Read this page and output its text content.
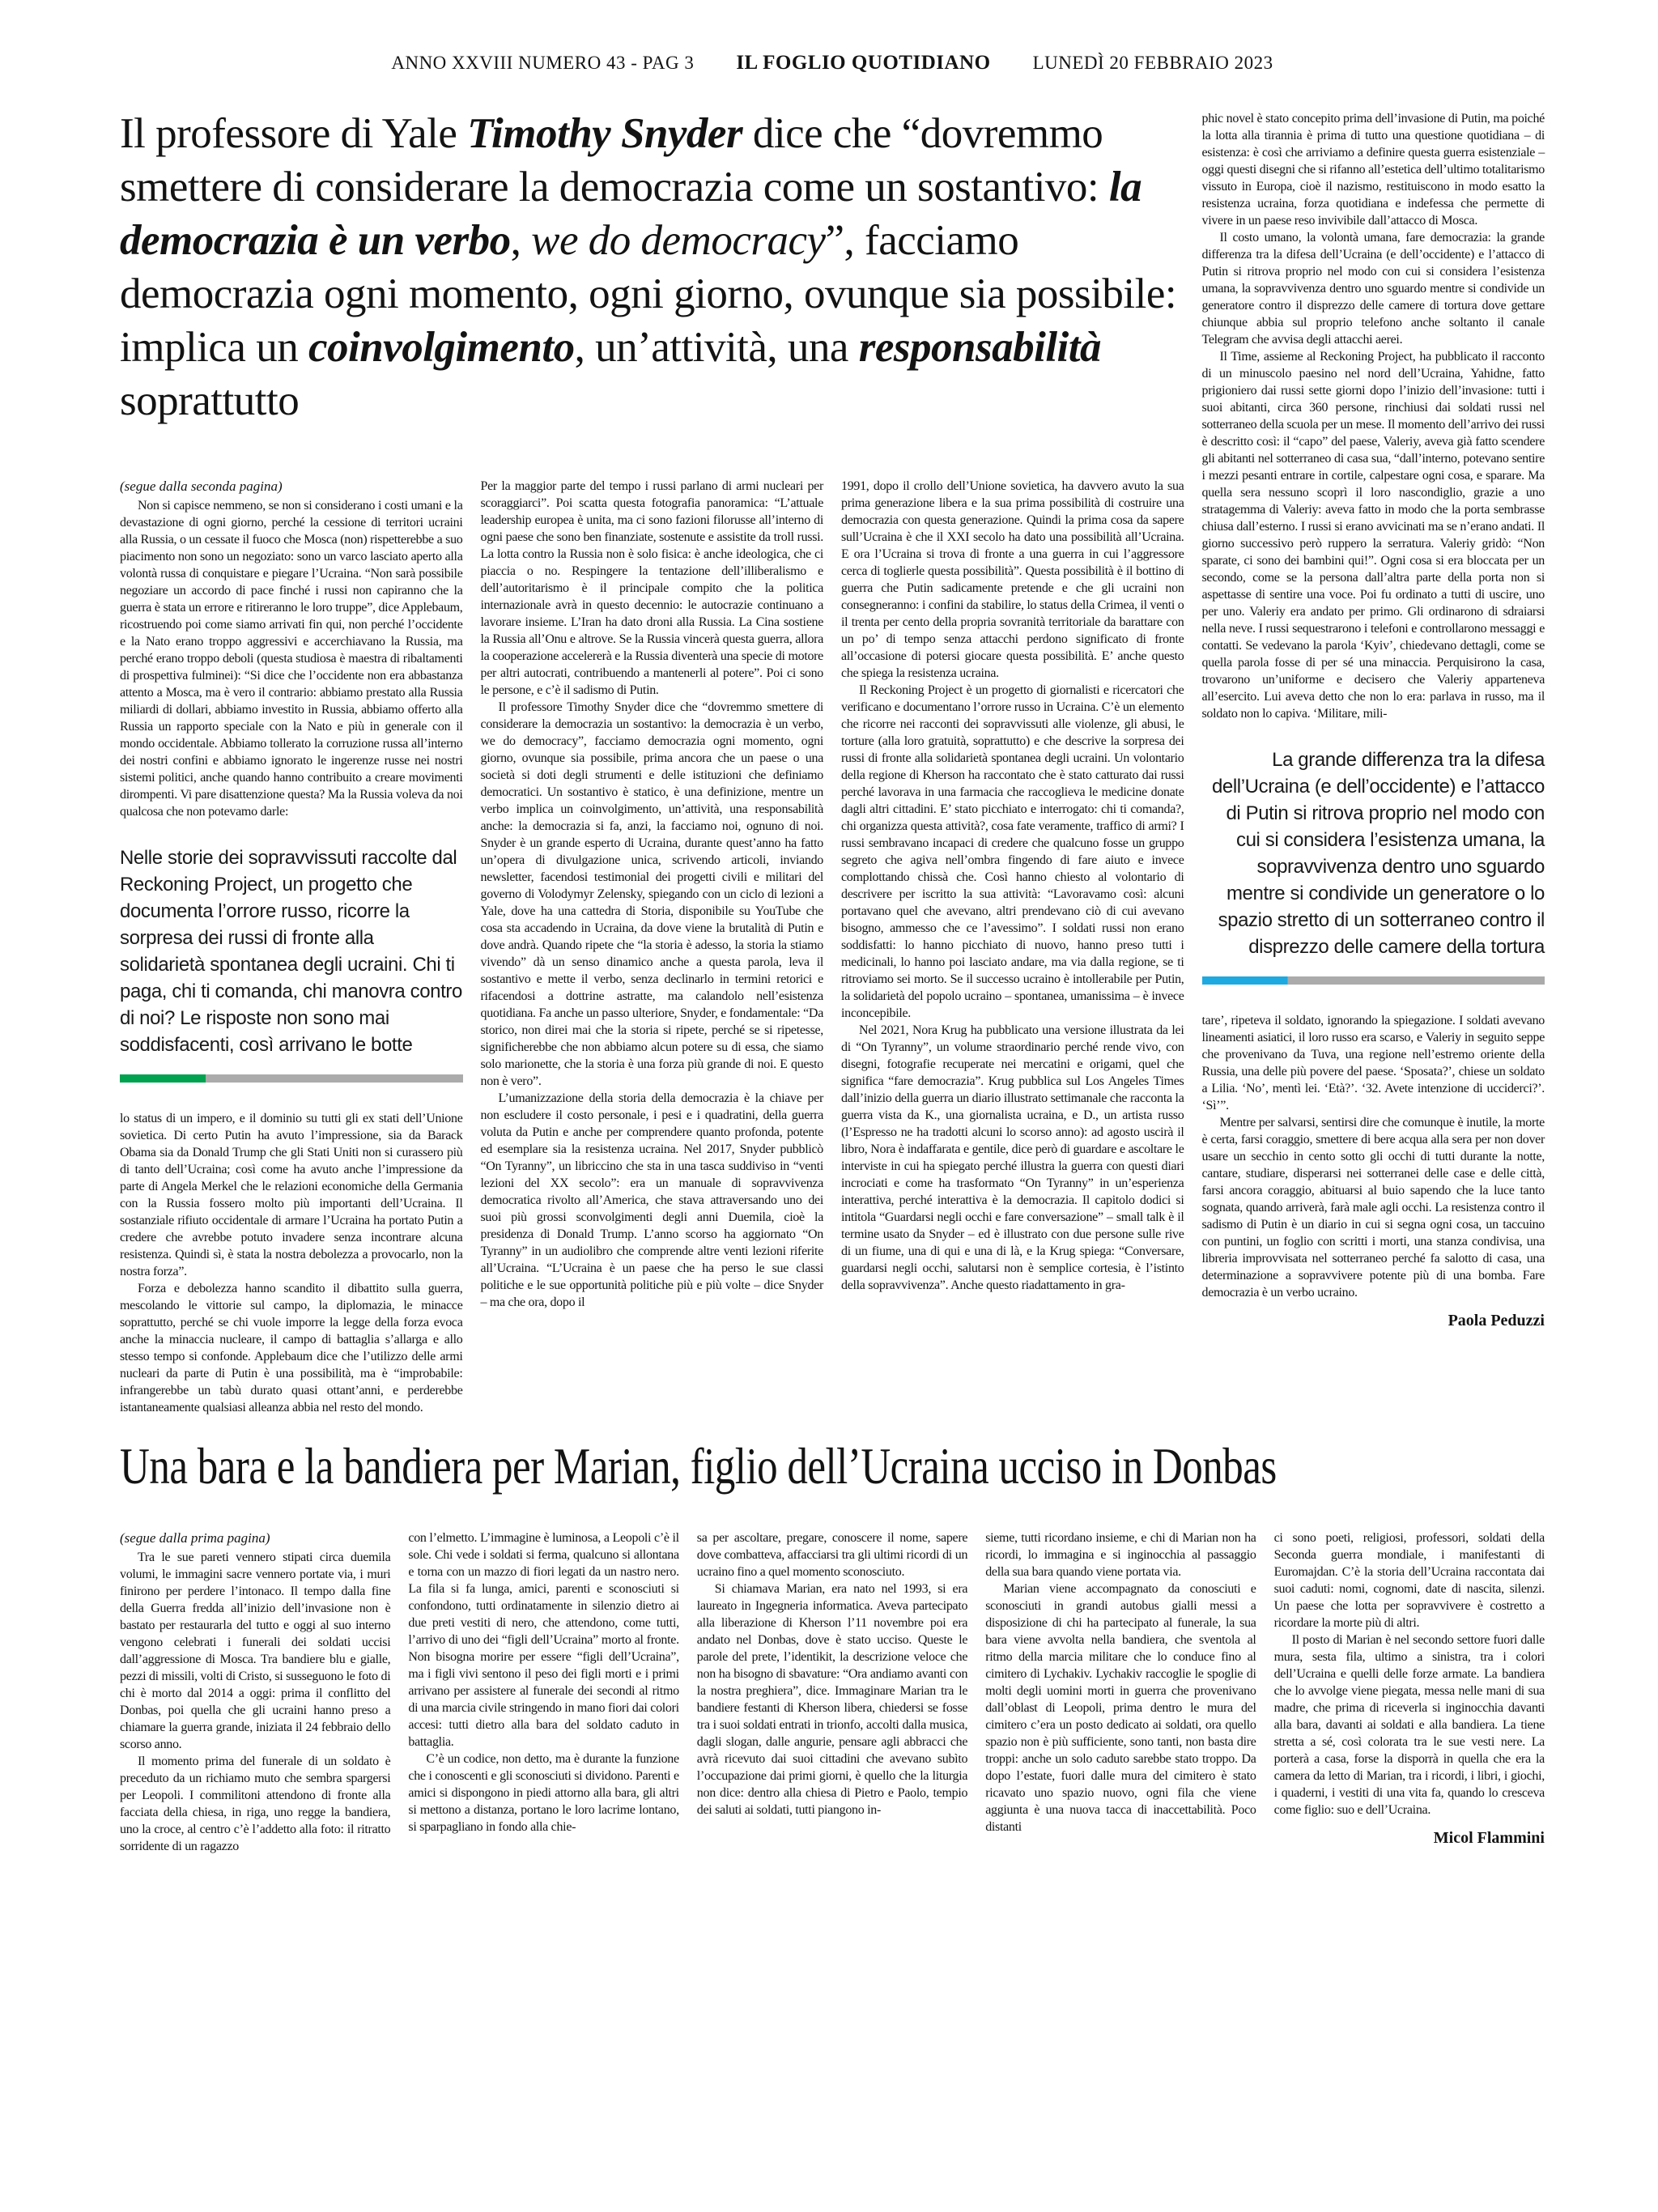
ANNO XXVIII NUMERO 43 - PAG 3 IL FOGLIO QUOTIDIANO LUNEDÌ 20 FEBBRAIO 2023
Il professore di Yale Timothy Snyder dice che “dovremmo smettere di considerare la democrazia come un sostantivo: la democrazia è un verbo, we do democracy”, facciamo democrazia ogni momento, ogni giorno, ovunque sia possibile: implica un coinvolgimento, un’attività, una responsabilità soprattutto

(segue dalla seconda pagina)

Non si capisce nemmeno, se non si considerano i costi umani e la devastazione di ogni giorno, perché la cessione di territori ucraini alla Russia, o un cessate il fuoco che Mosca (non) rispetterebbe a suo piacimento non sono un negoziato: sono un varco lasciato aperto alla volontà russa di conquistare e piegare l’Ucraina. “Non sarà possibile negoziare un accordo di pace finché i russi non capiranno che la guerra è stata un errore e ritireranno le loro truppe”, dice Applebaum, ricostruendo poi come siamo arrivati fin qui, non perché l’occidente e la Nato erano troppo aggressivi e accerchiavano la Russia, ma perché erano troppo deboli (questa studiosa è maestra di ribaltamenti di prospettiva fulminei): “Si dice che l’occidente non era abbastanza attento a Mosca, ma è vero il contrario: abbiamo prestato alla Russia miliardi di dollari, abbiamo investito in Russia, abbiamo offerto alla Russia un rapporto speciale con la Nato e più in generale con il mondo occidentale. Abbiamo tollerato la corruzione russa all’interno dei nostri confini e abbiamo ignorato le ingerenze russe nei nostri sistemi politici, anche quando hanno contribuito a creare movimenti dirompenti. Vi pare disattenzione questa? Ma la Russia voleva da noi qualcosa che non potevamo darle:

Nelle storie dei sopravvissuti raccolte dal Reckoning Project, un progetto che documenta l’orrore russo, ricorre la sorpresa dei russi di fronte alla solidarietà spontanea degli ucraini. Chi ti paga, chi ti comanda, chi manovra contro di noi? Le risposte non sono mai soddisfacenti, così arrivano le botte

lo status di un impero, e il dominio su tutti gli ex stati dell’Unione sovietica. Di certo Putin ha avuto l’impressione, sia da Barack Obama sia da Donald Trump che gli Stati Uniti non si curassero più di tanto dell’Ucraina; così come ha avuto anche l’impressione da parte di Angela Merkel che le relazioni economiche della Germania con la Russia fossero molto più importanti dell’Ucraina. Il sostanziale rifiuto occidentale di armare l’Ucraina ha portato Putin a credere che avrebbe potuto invadere senza incontrare alcuna resistenza. Quindi sì, è stata la nostra debolezza a provocarlo, non la nostra forza”.

Forza e debolezza hanno scandito il dibattito sulla guerra, mescolando le vittorie sul campo, la diplomazia, le minacce soprattutto, perché se chi vuole imporre la legge della forza evoca anche la minaccia nucleare, il campo di battaglia s’allarga e allo stesso tempo si confonde. Applebaum dice che l’utilizzo delle armi nucleari da parte di Putin è una possibilità, ma è “improbabile: infrangerebbe un tabù durato quasi ottant’anni, e perderebbe istantaneamente qualsiasi alleanza abbia nel resto del mondo.

Per la maggior parte del tempo i russi parlano di armi nucleari per scoraggiarci”. Poi scatta questa fotografia panoramica: “L’attuale leadership europea è unita, ma ci sono fazioni filorusse all’interno di ogni paese che sono ben finanziate, sostenute e assistite da troll russi. La lotta contro la Russia non è solo fisica: è anche ideologica, che ci piaccia o no. Respingere la tentazione dell’illiberalismo e dell’autoritarismo è il principale compito che la politica internazionale avrà in questo decennio: le autocrazie continuano a lavorare insieme. L’Iran ha dato droni alla Russia. La Cina sostiene la Russia all’Onu e altrove. Se la Russia vincerà questa guerra, allora la cooperazione accelererà e la Russia diventerà una specie di motore per altri autocrati, contribuendo a mantenerli al potere”. Poi ci sono le persone, e c’è il sadismo di Putin.

Il professore Timothy Snyder dice che “dovremmo smettere di considerare la democrazia un sostantivo: la democrazia è un verbo, we do democracy”, facciamo democrazia ogni momento, ogni giorno, ovunque sia possibile, prima ancora che un paese o una società si doti degli strumenti e delle istituzioni che definiamo democratici. Un sostantivo è statico, è una definizione, mentre un verbo implica un coinvolgimento, un’attività, una responsabilità anche: la democrazia si fa, anzi, la facciamo noi, ognuno di noi. Snyder è un grande esperto di Ucraina, durante quest’anno ha fatto un’opera di divulgazione unica, scrivendo articoli, inviando newsletter, facendosi testimonial dei progetti civili e militari del governo di Volodymyr Zelensky, spiegando con un ciclo di lezioni a Yale, dove ha una cattedra di Storia, disponibile su YouTube che cosa sta accadendo in Ucraina, da dove viene la brutalità di Putin e dove andrà. Quando ripete che “la storia è adesso, la storia la stiamo vivendo” dà un senso dinamico anche a questa parola, leva il sostantivo e mette il verbo, senza declinarlo in termini retorici e rifacendosi a dottrine astratte, ma calandolo nell’esistenza quotidiana. Fa anche un passo ulteriore, Snyder, e fondamentale: “Da storico, non direi mai che la storia si ripete, perché se si ripetesse, significherebbe che non abbiamo alcun potere su di essa, che siamo solo marionette, che la storia è una forza più grande di noi. E questo non è vero”.

L’umanizzazione della storia della democrazia è la chiave per non escludere il costo personale, i pesi e i quadratini, della guerra voluta da Putin e anche per comprendere quanto profonda, potente ed esemplare sia la resistenza ucraina. Nel 2017, Snyder pubblicò “On Tyranny”, un libriccino che sta in una tasca suddiviso in “venti lezioni del XX secolo”: era un manuale di sopravvivenza democratica rivolto all’America, che stava attraversando uno dei suoi più grossi sconvolgimenti degli anni Duemila, cioè la presidenza di Donald Trump. L’anno scorso ha aggiornato “On Tyranny” in un audiolibro che comprende altre venti lezioni riferite all’Ucraina. “L’Ucraina è un paese che ha perso le sue classi politiche e le sue opportunità politiche più e più volte – dice Snyder – ma che ora, dopo il

1991, dopo il crollo dell’Unione sovietica, ha davvero avuto la sua prima generazione libera e la sua prima possibilità di costruire una democrazia con questa generazione. Quindi la prima cosa da sapere sull’Ucraina è che il XXI secolo ha dato una possibilità all’Ucraina. E ora l’Ucraina si trova di fronte a una guerra in cui l’aggressore cerca di toglierle questa possibilità”. Questa possibilità è il bottino di guerra che Putin sadicamente pretende e che gli ucraini non consegneranno: i confini da stabilire, lo status della Crimea, il venti o il trenta per cento della propria sovranità territoriale da barattare con un po’ di tempo senza attacchi perdono significato di fronte all’occasione di potersi giocare questa possibilità. E’ anche questo che spiega la resistenza ucraina.

Il Reckoning Project è un progetto di giornalisti e ricercatori che verificano e documentano l’orrore russo in Ucraina. C’è un elemento che ricorre nei racconti dei sopravvissuti alle violenze, gli abusi, le torture (alla loro gratuità, soprattutto) e che descrive la sorpresa dei russi di fronte alla solidarietà spontanea degli ucraini. Un volontario della regione di Kherson ha raccontato che è stato catturato dai russi perché lavorava in una farmacia che raccoglieva le medicine donate dagli altri cittadini. E’ stato picchiato e interrogato: chi ti comanda?, chi organizza questa attività?, cosa fate veramente, traffico di armi? I russi sembravano incapaci di credere che qualcuno fosse un gruppo segreto che agiva nell’ombra fingendo di fare aiuto e invece complottando chissà che. Così hanno chiesto al volontario di descrivere per iscritto la sua attività: “Lavoravamo così: alcuni portavano quel che avevano, altri prendevano ciò di cui avevano bisogno, ammesso che ce l’avessimo”. I soldati russi non erano soddisfatti: lo hanno picchiato di nuovo, hanno preso tutti i medicinali, lo hanno poi lasciato andare, ma via dalla regione, se ti ritroviamo sei morto. Se il successo ucraino è intollerabile per Putin, la solidarietà del popolo ucraino – spontanea, umanissima – è invece inconcepibile.

Nel 2021, Nora Krug ha pubblicato una versione illustrata da lei di “On Tyranny”, un volume straordinario perché rende vivo, con disegni, fotografie recuperate nei mercatini e origami, quel che significa “fare democrazia”. Krug pubblica sul Los Angeles Times dall’inizio della guerra un diario illustrato settimanale che racconta la guerra vista da K., una giornalista ucraina, e D., un artista russo (l’Espresso ne ha tradotti alcuni lo scorso anno): ad agosto uscirà il libro, Nora è indaffarata e gentile, dice però di guardare e ascoltare le interviste in cui ha spiegato perché illustra la guerra con questi diari incrociati e come ha trasformato “On Tyranny” in un’esperienza interattiva, perché interattiva è la democrazia. Il capitolo dodici si intitola “Guardarsi negli occhi e fare conversazione” – small talk è il termine usato da Snyder – ed è illustrato con due persone sulle rive di un fiume, una di qui e una di là, e la Krug spiega: “Conversare, guardarsi negli occhi, salutarsi non è semplice cortesia, è l’istinto della sopravvivenza”. Anche questo riadattamento in gra-

phic novel è stato concepito prima dell’invasione di Putin, ma poiché la lotta alla tirannia è prima di tutto una questione quotidiana – di esistenza: è così che arriviamo a definire questa guerra esistenziale – oggi questi disegni che si rifanno all’estetica dell’ultimo totalitarismo vissuto in Europa, cioè il nazismo, restituiscono in modo esatto la resistenza ucraina, forza quotidiana e indefessa che permette di vivere in un paese reso invivibile dall’attacco di Mosca.

Il costo umano, la volontà umana, fare democrazia: la grande differenza tra la difesa dell’Ucraina (e dell’occidente) e l’attacco di Putin si ritrova proprio nel modo con cui si considera l’esistenza umana, la sopravvivenza dentro uno sguardo mentre si condivide un generatore contro il disprezzo delle camere di tortura dove gettare chiunque abbia sul proprio telefono anche soltanto il canale Telegram che avvisa degli attacchi aerei.

Il Time, assieme al Reckoning Project, ha pubblicato il racconto di un minuscolo paesino nel nord dell’Ucraina, Yahidne, fatto prigioniero dai russi sette giorni dopo l’inizio dell’invasione: tutti i suoi abitanti, circa 360 persone, rinchiusi dai soldati russi nel sotterraneo della scuola per un mese. Il momento dell’arrivo dei russi è descritto così: il “capo” del paese, Valeriy, aveva già fatto scendere gli abitanti nel sotterraneo di casa sua, “dall’interno, potevano sentire i mezzi pesanti entrare in cortile, calpestare ogni cosa, e sparare. Ma quella sera nessuno scoprì il loro nascondiglio, grazie a uno stratagemma di Valeriy: aveva fatto in modo che la porta sembrasse chiusa dall’esterno. I russi si erano avvicinati ma se n’erano andati. Il giorno successivo però ruppero la serratura. Valeriy gridò: “Non sparate, ci sono dei bambini qui!”. Ogni cosa si era bloccata per un secondo, come se la persona dall’altra parte della porta non si aspettasse di sentire una voce. Poi fu ordinato a tutti di uscire, uno per uno. Valeriy era andato per primo. Gli ordinarono di sdraiarsi nella neve. I russi sequestrarono i telefoni e controllarono messaggi e contatti. Se vedevano la parola ‘Kyiv’, chiedevano dettagli, come se quella parola fosse di per sé una minaccia. Perquisirono la casa, trovarono un’uniforme e decisero che Valeriy apparteneva all’esercito. Lui aveva detto che non lo era: parlava in russo, ma il soldato non lo capiva. ‘Militare, mili-

La grande differenza tra la difesa dell’Ucraina (e dell’occidente) e l’attacco di Putin si ritrova proprio nel modo con cui si considera l’esistenza umana, la sopravvivenza dentro uno sguardo mentre si condivide un generatore o lo spazio stretto di un sotterraneo contro il disprezzo delle camere della tortura

tare’, ripeteva il soldato, ignorando la spiegazione. I soldati avevano lineamenti asiatici, il loro russo era scarso, e Valeriy in seguito seppe che provenivano da Tuva, una regione nell’estremo oriente della Russia, una delle più povere del paese. ‘Sposata?’, chiese un soldato a Lilia. ‘No’, mentì lei. ‘Età?’. ‘32. Avete intenzione di ucciderci?’. ‘Sì’”.

Mentre per salvarsi, sentirsi dire che comunque è inutile, la morte è certa, farsi coraggio, smettere di bere acqua alla sera per non dover usare un secchio in cento sotto gli occhi di tutti durante la notte, cantare, studiare, disperarsi nei sotterranei delle case e delle città, farsi ancora coraggio, abituarsi al buio sapendo che la luce tanto sognata, quando arriverà, farà male agli occhi. La resistenza contro il sadismo di Putin è un diario in cui si segna ogni cosa, un taccuino con puntini, un foglio con scritti i morti, una stanza condivisa, una libreria improvvisata nel sotterraneo perché fa salotto di casa, una determinazione a sopravvivere potente più di una bomba. Fare democrazia è un verbo ucraino.

Paola Peduzzi

Una bara e la bandiera per Marian, figlio dell’Ucraina ucciso in Donbas

(segue dalla prima pagina)

Tra le sue pareti vennero stipati circa duemila volumi, le immagini sacre vennero portate via, i muri finirono per perdere l’intonaco. Il tempo dalla fine della Guerra fredda all’inizio dell’invasione non è bastato per restaurarla del tutto e oggi al suo interno vengono celebrati i funerali dei soldati uccisi dall’aggressione di Mosca. Tra bandiere blu e gialle, pezzi di missili, volti di Cristo, si susseguono le foto di chi è morto dal 2014 a oggi: prima il conflitto del Donbas, poi quella che gli ucraini hanno preso a chiamare la guerra grande, iniziata il 24 febbraio dello scorso anno.

Il momento prima del funerale di un soldato è preceduto da un richiamo muto che sembra spargersi per Leopoli. I commilitoni attendono di fronte alla facciata della chiesa, in riga, uno regge la bandiera, uno la croce, al centro c’è l’addetto alla foto: il ritratto sorridente di un ragazzo

con l’elmetto. L’immagine è luminosa, a Leopoli c’è il sole. Chi vede i soldati si ferma, qualcuno si allontana e torna con un mazzo di fiori legati da un nastro nero. La fila si fa lunga, amici, parenti e sconosciuti si confondono, tutti ordinatamente in silenzio dietro ai due preti vestiti di nero, che attendono, come tutti, l’arrivo di uno dei “figli dell’Ucraina” morto al fronte. Non bisogna morire per essere “figli dell’Ucraina”, ma i figli vivi sentono il peso dei figli morti e i primi arrivano per assistere al funerale dei secondi al ritmo di una marcia civile stringendo in mano fiori dai colori accesi: tutti dietro alla bara del soldato caduto in battaglia.

C’è un codice, non detto, ma è durante la funzione che i conoscenti e gli sconosciuti si dividono. Parenti e amici si dispongono in piedi attorno alla bara, gli altri si mettono a distanza, portano le loro lacrime lontano, si sparpagliano in fondo alla chie-

sa per ascoltare, pregare, conoscere il nome, sapere dove combatteva, affacciarsi tra gli ultimi ricordi di un ucraino fino a quel momento sconosciuto.

Si chiamava Marian, era nato nel 1993, si era laureato in Ingegneria informatica. Aveva partecipato alla liberazione di Kherson l’11 novembre poi era andato nel Donbas, dove è stato ucciso. Queste le parole del prete, l’identikit, la descrizione veloce che non ha bisogno di sbavature: “Ora andiamo avanti con la nostra preghiera”, dice. Immaginare Marian tra le bandiere festanti di Kherson libera, chiedersi se fosse tra i suoi soldati entrati in trionfo, accolti dalla musica, dagli slogan, dalle angurie, pensare agli abbracci che avrà ricevuto dai suoi cittadini che avevano subìto l’occupazione dai primi giorni, è quello che la liturgia non dice: dentro alla chiesa di Pietro e Paolo, tempio dei saluti ai soldati, tutti piangono in-

sieme, tutti ricordano insieme, e chi di Marian non ha ricordi, lo immagina e si inginocchia al passaggio della sua bara quando viene portata via.

Marian viene accompagnato da conosciuti e sconosciuti in grandi autobus gialli messi a disposizione di chi ha partecipato al funerale, la sua bara viene avvolta nella bandiera, che sventola al ritmo della marcia militare che lo conduce fino al cimitero di Lychakiv. Lychakiv raccoglie le spoglie di molti degli uomini morti in guerra che provenivano dall’oblast di Leopoli, prima dentro le mura del cimitero c’era un posto dedicato ai soldati, ora quello spazio non è più sufficiente, sono tanti, non basta dire troppi: anche un solo caduto sarebbe stato troppo. Da dopo l’estate, fuori dalle mura del cimitero è stato ricavato uno spazio nuovo, ogni fila che viene aggiunta è una nuova tacca di inaccettabilità. Poco distanti

ci sono poeti, religiosi, professori, soldati della Seconda guerra mondiale, i manifestanti di Euromajdan. C’è la storia dell’Ucraina raccontata dai suoi caduti: nomi, cognomi, date di nascita, silenzi. Un paese che lotta per sopravvivere è costretto a ricordare la morte più di altri.

Il posto di Marian è nel secondo settore fuori dalle mura, sesta fila, ultimo a sinistra, tra i colori dell’Ucraina e quelli delle forze armate. La bandiera che lo avvolge viene piegata, messa nelle mani di sua madre, che prima di riceverla si inginocchia davanti alla bara, davanti ai soldati e alla bandiera. La tiene stretta a sé, così colorata tra le sue vesti nere. La porterà a casa, forse la disporrà in quella che era la camera da letto di Marian, tra i ricordi, i libri, i giochi, i quaderni, i vestiti di una vita fa, quando lo cresceva come figlio: suo e dell’Ucraina.

Micol Flammini
